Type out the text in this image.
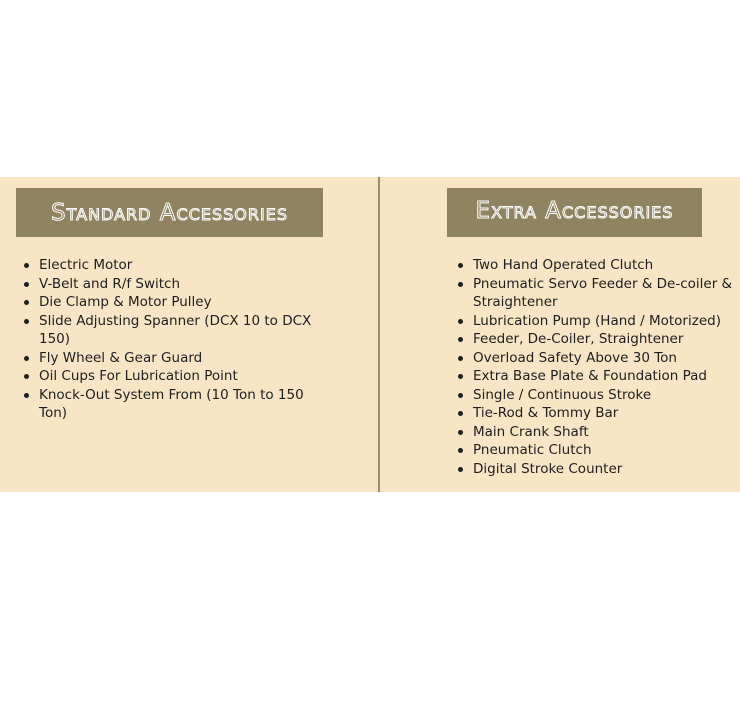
Standard Accessories
Electric Motor
V-Belt and R/f Switch
Die Clamp & Motor Pulley
Slide Adjusting Spanner (DCX 10 to DCX 150)
Fly Wheel & Gear Guard
Oil Cups For Lubrication Point
Knock-Out System From (10 Ton to 150 Ton)
Extra Accessories
Two Hand Operated Clutch
Pneumatic Servo Feeder & De-coiler & Straightener
Lubrication Pump (Hand / Motorized)
Feeder, De-Coiler, Straightener
Overload Safety Above 30 Ton
Extra Base Plate & Foundation Pad
Single / Continuous Stroke
Tie-Rod & Tommy Bar
Main Crank Shaft
Pneumatic Clutch
Digital Stroke Counter
